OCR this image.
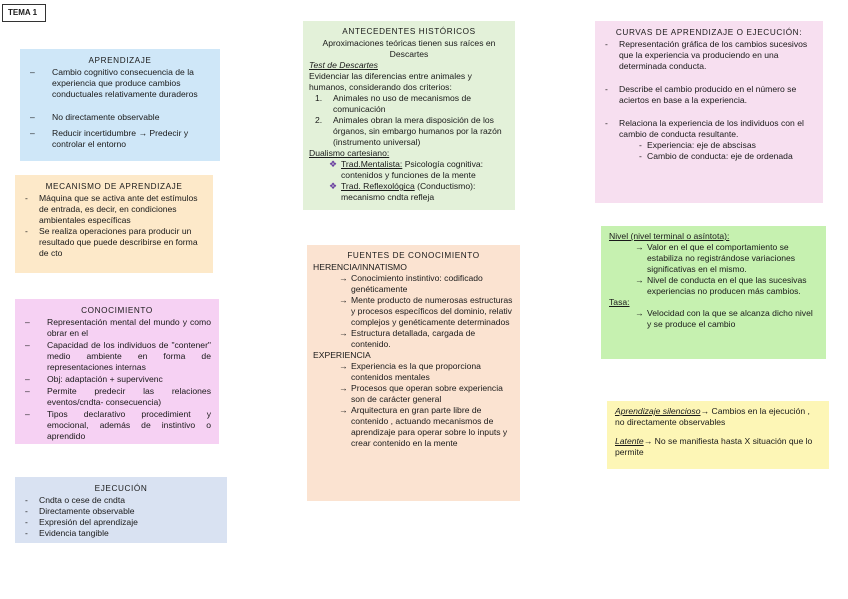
TEMA 1
APRENDIZAJE
– Cambio cognitivo consecuencia de la experiencia que produce cambios conductuales relativamente duraderos
– No directamente observable
– Reducir incertidumbre → Predecir y controlar el entorno
MECANISMO DE APRENDIZAJE
- Máquina que se activa ante det estímulos de entrada, es decir, en condiciones ambientales específicas
- Se realiza operaciones para producir un resultado que puede describirse en forma de cto
CONOCIMIENTO
– Representación mental del mundo y como obrar en el
– Capacidad de los individuos de "contener" medio ambiente en forma de representaciones internas
– Obj: adaptación + supervivenc
– Permite predecir las relaciones eventos/cndta- consecuencia)
– Tipos declarativo procedimient y emocional, además de instintivo o aprendido
EJECUCIÓN
- Cndta o cese de cndta
- Directamente observable
- Expresión del aprendizaje
- Evidencia tangible
ANTECEDENTES HISTÓRICOS
Aproximaciones teóricas tienen sus raíces en Descartes
Test de Descartes
Evidenciar las diferencias entre animales y humanos, considerando dos criterios:
1. Animales no uso de mecanismos de comunicación
2. Animales obran la mera disposición de los órganos, sin embargo humanos por la razón (instrumento universal)
Dualismo cartesiano:
❖ Trad.Mentalista: Psicología cognitiva: contenidos y funciones de la mente
❖ Trad. Reflexológica (Conductismo): mecanismo cndta refleja
FUENTES DE CONOCIMIENTO
HERENCIA/INNATISMO
→ Conocimiento instintivo: codificado genéticamente
→ Mente producto de numerosas estructuras y procesos específicos del dominio, relativ complejos y genéticamente determinados
→ Estructura detallada, cargada de contenido.
EXPERIENCIA
→ Experiencia es la que proporciona contenidos mentales
→ Procesos que operan sobre experiencia son de carácter general
→ Arquitectura en gran parte libre de contenido , actuando mecanismos de aprendizaje para operar sobre lo inputs y crear contenido en la mente
CURVAS DE APRENDIZAJE O EJECUCIÓN:
- Representación gráfica de los cambios sucesivos que la experiencia va produciendo en una determinada conducta.
- Describe el cambio producido en el número se aciertos en base a la experiencia.
- Relaciona la experiencia de los individuos con el cambio de conducta resultante.
- Experiencia: eje de abscisas
- Cambio de conducta: eje de ordenada
Nivel (nivel terminal o asíntota):
→ Valor en el que el comportamiento se estabiliza no registrándose variaciones significativas en el mismo.
→ Nivel de conducta en el que las sucesivas experiencias no producen más cambios.
Tasa:
→ Velocidad con la que se alcanza dicho nivel y se produce el cambio
Aprendizaje silencioso→ Cambios en la ejecución , no directamente observables
Latente→ No se manifiesta hasta X situación que lo permite
